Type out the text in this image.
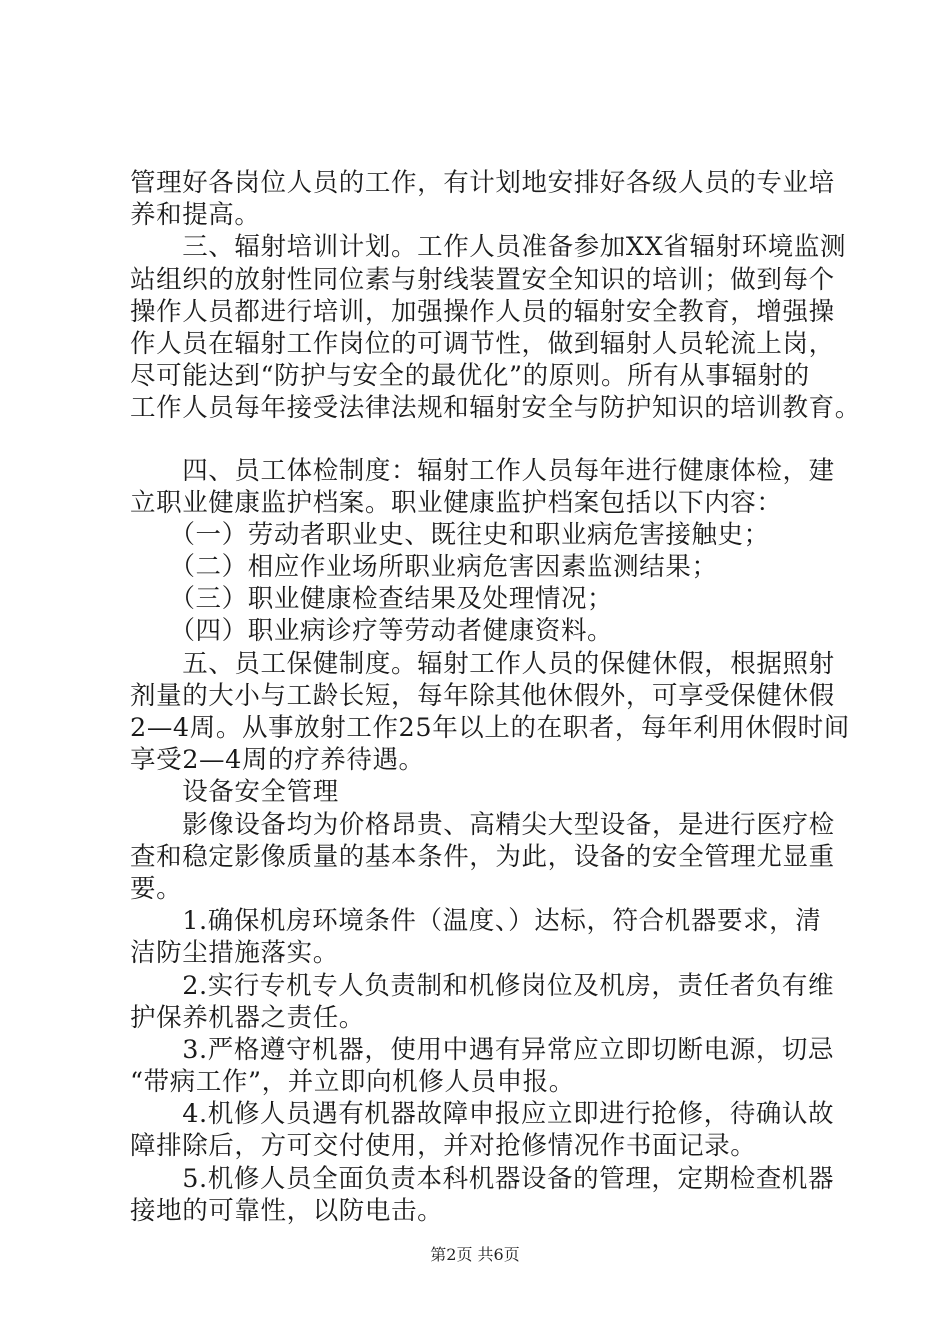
管理好各岗位人员的工作，有计划地安排好各级人员的专业培
养和提高。
　　三、辐射培训计划。工作人员准备参加XX省辐射环境监测
站组织的放射性同位素与射线装置安全知识的培训；做到每个
操作人员都进行培训，加强操作人员的辐射安全教育，增强操
作人员在辐射工作岗位的可调节性，做到辐射人员轮流上岗，
尽可能达到“防护与安全的最优化”的原则。所有从事辐射的
工作人员每年接受法律法规和辐射安全与防护知识的培训教育。
　　四、员工体检制度：辐射工作人员每年进行健康体检，建
立职业健康监护档案。职业健康监护档案包括以下内容：
　　（一）劳动者职业史、既往史和职业病危害接触史；
　　（二）相应作业场所职业病危害因素监测结果；
　　（三）职业健康检查结果及处理情况；
　　（四）职业病诊疗等劳动者健康资料。
　　五、员工保健制度。辐射工作人员的保健休假，根据照射
剂量的大小与工龄长短，每年除其他休假外，可享受保健休假
2—4周。从事放射工作25年以上的在职者，每年利用休假时间
享受2—4周的疗养待遇。
　　设备安全管理
　　影像设备均为价格昂贵、高精尖大型设备，是进行医疗检
查和稳定影像质量的基本条件，为此，设备的安全管理尤显重
要。
　　1.确保机房环境条件（温度、）达标，符合机器要求，清
洁防尘措施落实。
　　2.实行专机专人负责制和机修岗位及机房，责任者负有维
护保养机器之责任。
　　3.严格遵守机器，使用中遇有异常应立即切断电源，切忌
“带病工作”，并立即向机修人员申报。
　　4.机修人员遇有机器故障申报应立即进行抢修，待确认故
障排除后，方可交付使用，并对抢修情况作书面记录。
　　5.机修人员全面负责本科机器设备的管理，定期检查机器
接地的可靠性，以防电击。
第2页 共6页
